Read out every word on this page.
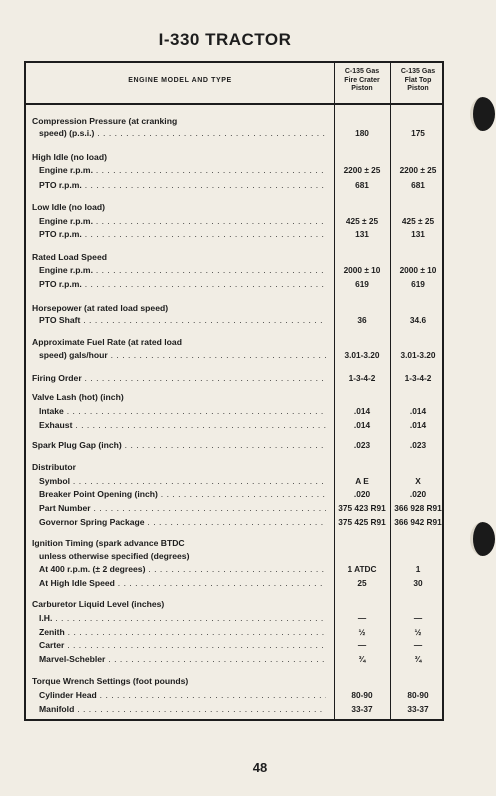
I-330 TRACTOR
ENGINE MODEL AND TYPE
C-135 Gas
Fire Crater
Piston
C-135 Gas
Flat Top
Piston
Compression Pressure (at cranking
speed) (p.s.i.) . . .	180	175
High Idle (no load)
Engine r.p.m. . . .	2200 ± 25	2200 ± 25
PTO r.p.m. . . .	681	681
Low Idle (no load)
Engine r.p.m. . . .	425 ± 25	425 ± 25
PTO r.p.m. . . .	131	131
Rated Load Speed
Engine r.p.m. . . .	2000 ± 10	2000 ± 10
PTO r.p.m. . . .	619	619
Horsepower (at rated load speed)
PTO Shaft . . .	36	34.6
Approximate Fuel Rate (at rated load
speed) gals/hour . . .	3.01-3.20	3.01-3.20
Firing Order . . .	1-3-4-2	1-3-4-2
Valve Lash (hot) (inch)
Intake . . .	.014	.014
Exhaust . . .	.014	.014
Spark Plug Gap (inch) . . .	.023	.023
Distributor
Symbol . . .	A E	X
Breaker Point Opening (inch) . . .	.020	.020
Part Number . . .	375 423 R91	366 928 R91
Governor Spring Package . . .	375 425 R91	366 942 R91
Ignition Timing (spark advance BTDC
unless otherwise specified (degrees)
At 400 r.p.m. (± 2 degrees) . . .	1 ATDC	1
At High Idle Speed . . .	25	30
Carburetor Liquid Level (inches)
I.H. . . .	—	—
Zenith . . .	½	½
Carter . . .	—	—
Marvel-Schebler . . .	¾	¾
Torque Wrench Settings (foot pounds)
Cylinder Head . . .	80-90	80-90
Manifold . . .	33-37	33-37
48
